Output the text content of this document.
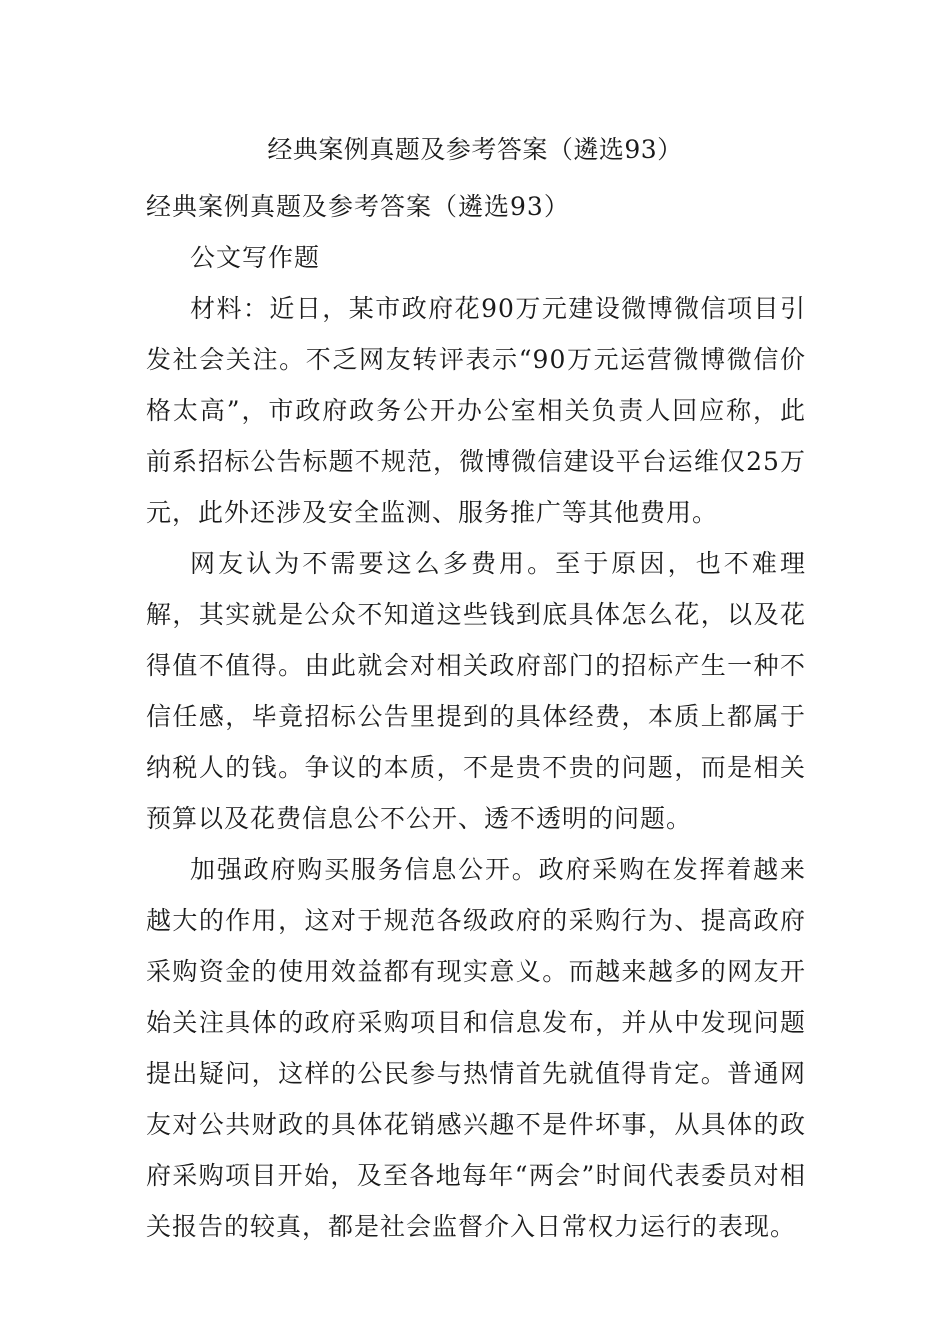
经典案例真题及参考答案（遴选93）

经典案例真题及参考答案（遴选93）

公文写作题

材料：近日，某市政府花90万元建设微博微信项目引发社会关注。不乏网友转评表示“90万元运营微博微信价格太高”，市政府政务公开办公室相关负责人回应称，此前系招标公告标题不规范，微博微信建设平台运维仅25万元，此外还涉及安全监测、服务推广等其他费用。

网友认为不需要这么多费用。至于原因，也不难理解，其实就是公众不知道这些钱到底具体怎么花，以及花得值不值得。由此就会对相关政府部门的招标产生一种不信任感，毕竟招标公告里提到的具体经费，本质上都属于纳税人的钱。争议的本质，不是贵不贵的问题，而是相关预算以及花费信息公不公开、透不透明的问题。

加强政府购买服务信息公开。政府采购在发挥着越来越大的作用，这对于规范各级政府的采购行为、提高政府采购资金的使用效益都有现实意义。而越来越多的网友开始关注具体的政府采购项目和信息发布，并从中发现问题提出疑问，这样的公民参与热情首先就值得肯定。普通网友对公共财政的具体花销感兴趣不是件坏事，从具体的政府采购项目开始，及至各地每年“两会”时间代表委员对相关报告的较真，都是社会监督介入日常权力运行的表现。
